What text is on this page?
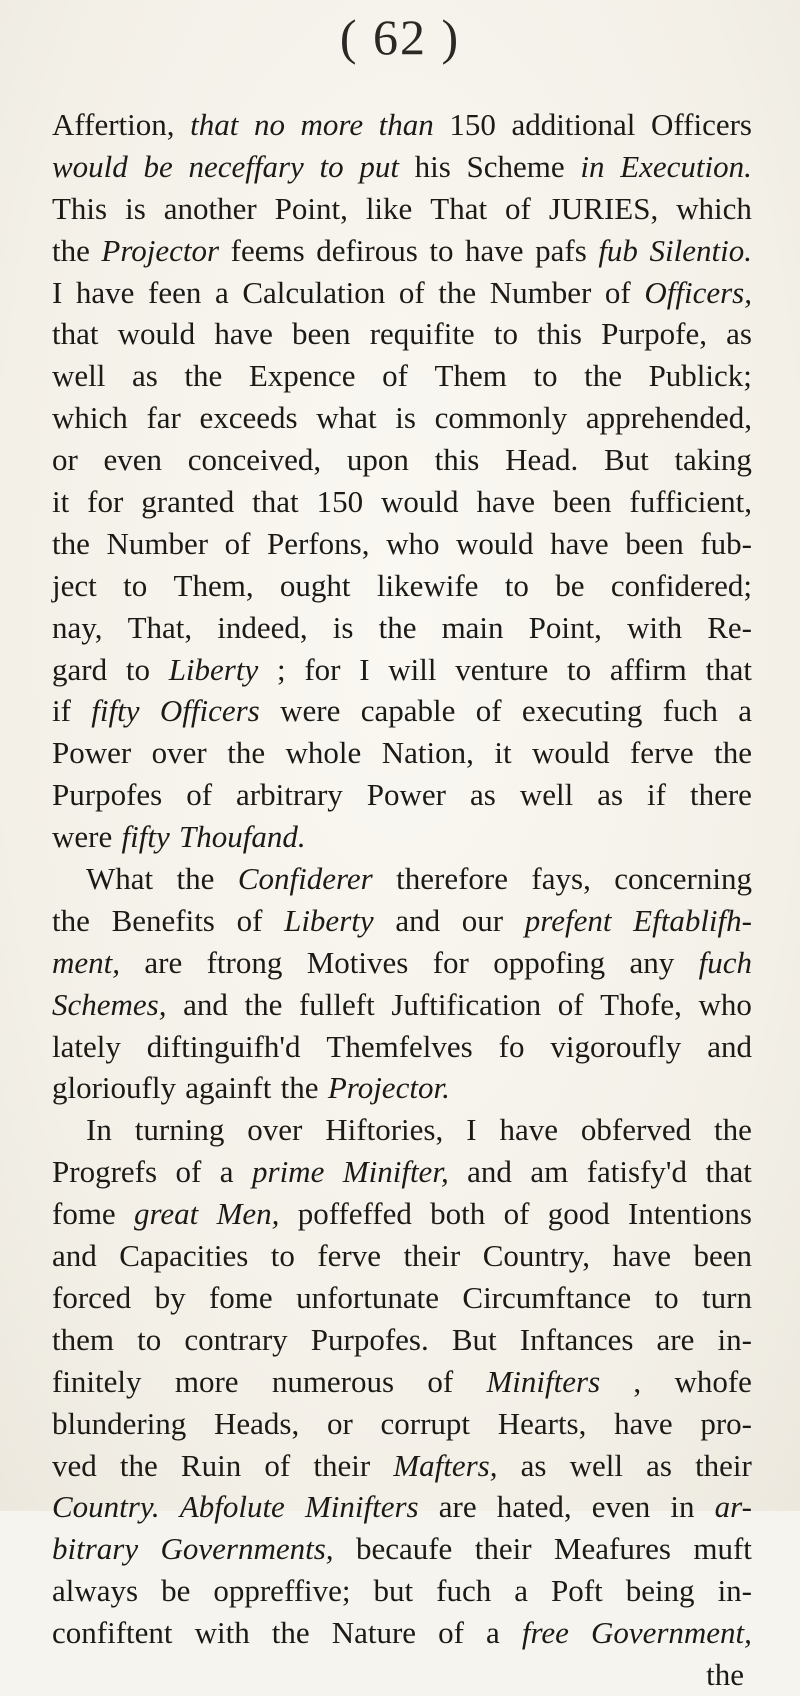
( 62 )
Affertion, that no more than 150 additional Officers
would be neceffary to put his Scheme in Execution.
This is another Point, like That of JURIES, which
the Projector feems defirous to have pafs fub Silentio.
I have feen a Calculation of the Number of Officers,
that would have been requifite to this Purpofe, as
well as the Expence of Them to the Publick;
which far exceeds what is commonly apprehended,
or even conceived, upon this Head. But taking
it for granted that 150 would have been fufficient,
the Number of Perfons, who would have been fub-
ject to Them, ought likewife to be confidered;
nay, That, indeed, is the main Point, with Re-
gard to Liberty ; for I will venture to affirm that
if fifty Officers were capable of executing fuch a
Power over the whole Nation, it would ferve the
Purpofes of arbitrary Power as well as if there
were fifty Thoufand.
What the Confiderer therefore fays, concerning
the Benefits of Liberty and our prefent Eftablifh-
ment, are ftrong Motives for oppofing any fuch
Schemes, and the fulleft Juftification of Thofe, who
lately diftinguifh'd Themfelves fo vigoroufly and
glorioufly againft the Projector.
In turning over Hiftories, I have obferved the
Progrefs of a prime Minifter, and am fatisfy'd that
fome great Men, poffeffed both of good Intentions
and Capacities to ferve their Country, have been
forced by fome unfortunate Circumftance to turn
them to contrary Purpofes. But Inftances are in-
finitely more numerous of Minifters , whofe
blundering Heads, or corrupt Hearts, have pro-
ved the Ruin of their Mafters, as well as their
Country. Abfolute Minifters are hated, even in ar-
bitrary Governments, becaufe their Meafures muft
always be oppreffive; but fuch a Poft being in-
confiftent with the Nature of a free Government,
the
